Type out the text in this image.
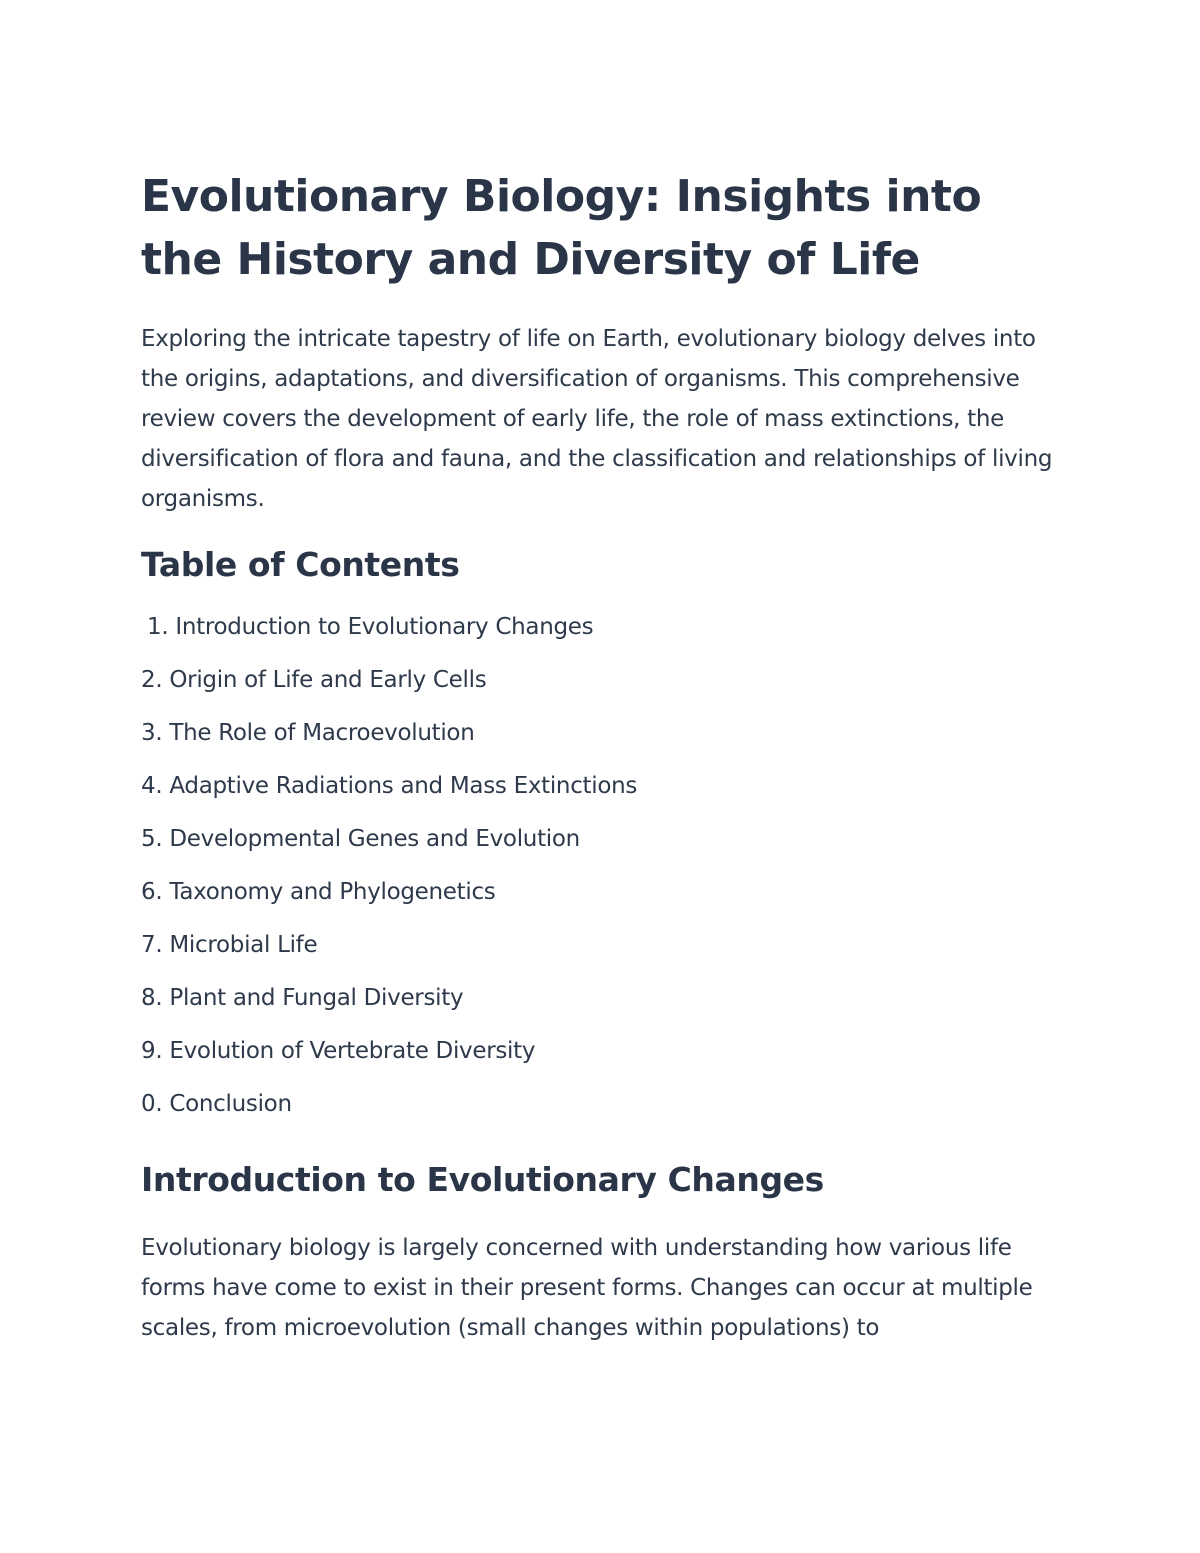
Evolutionary Biology: Insights into the History and Diversity of Life

Exploring the intricate tapestry of life on Earth, evolutionary biology delves into the origins, adaptations, and diversification of organisms. This comprehensive review covers the development of early life, the role of mass extinctions, the diversification of flora and fauna, and the classification and relationships of living organisms.

Table of Contents
1. Introduction to Evolutionary Changes
2. Origin of Life and Early Cells
3. The Role of Macroevolution
4. Adaptive Radiations and Mass Extinctions
5. Developmental Genes and Evolution
6. Taxonomy and Phylogenetics
7. Microbial Life
8. Plant and Fungal Diversity
9. Evolution of Vertebrate Diversity
0. Conclusion
Introduction to Evolutionary Changes

Evolutionary biology is largely concerned with understanding how various life forms have come to exist in their present forms. Changes can occur at multiple scales, from microevolution (small changes within populations) to
